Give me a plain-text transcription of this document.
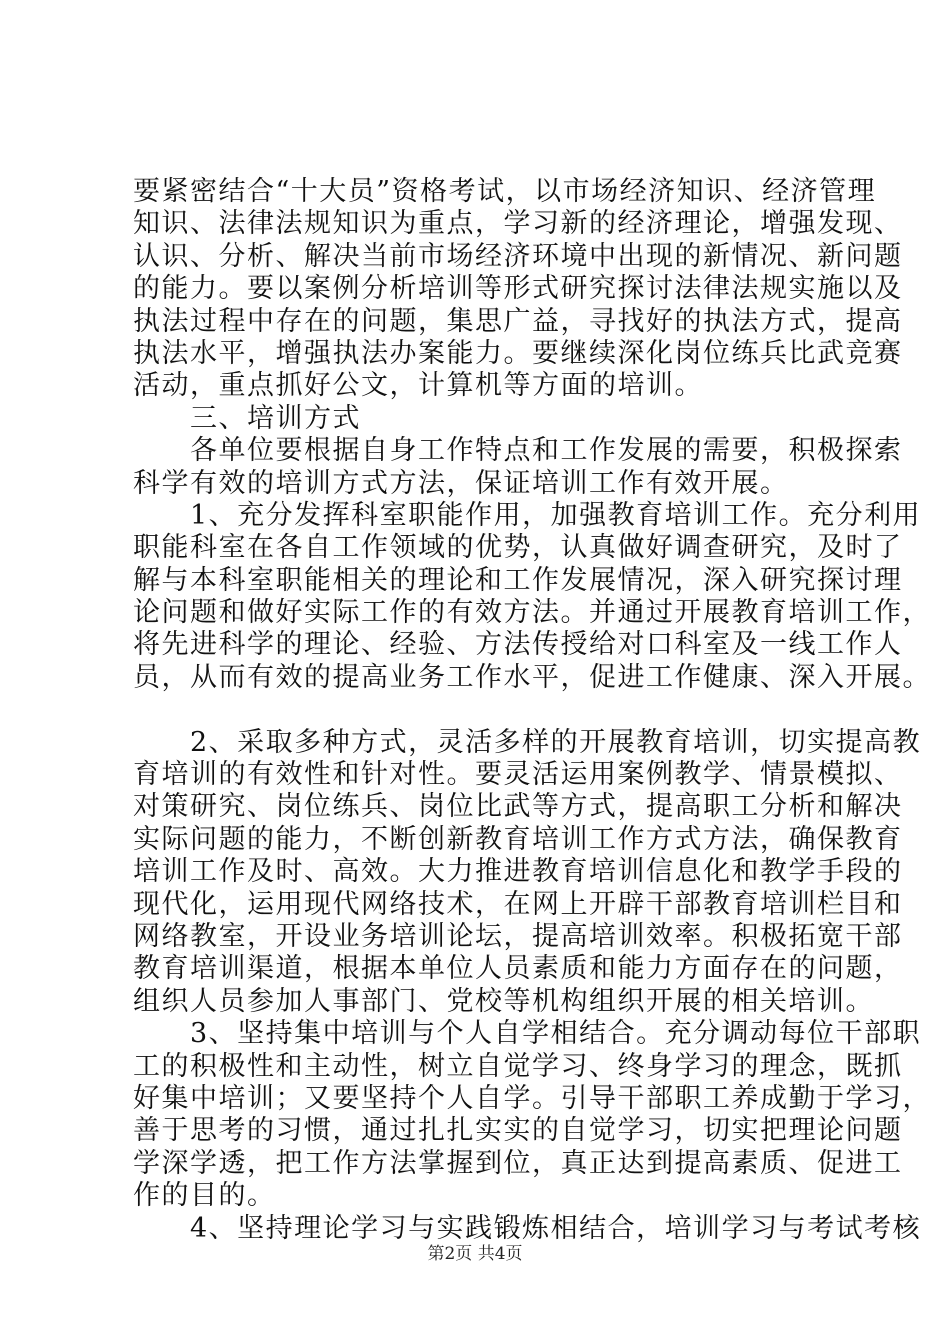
要紧密结合“十大员”资格考试，以市场经济知识、经济管理
知识、法律法规知识为重点，学习新的经济理论，增强发现、
认识、分析、解决当前市场经济环境中出现的新情况、新问题
的能力。要以案例分析培训等形式研究探讨法律法规实施以及
执法过程中存在的问题，集思广益，寻找好的执法方式，提高
执法水平，增强执法办案能力。要继续深化岗位练兵比武竞赛
活动，重点抓好公文，计算机等方面的培训。
　　三、培训方式
　　各单位要根据自身工作特点和工作发展的需要，积极探索
科学有效的培训方式方法，保证培训工作有效开展。
　　1、充分发挥科室职能作用，加强教育培训工作。充分利用
职能科室在各自工作领域的优势，认真做好调查研究，及时了
解与本科室职能相关的理论和工作发展情况，深入研究探讨理
论问题和做好实际工作的有效方法。并通过开展教育培训工作，
将先进科学的理论、经验、方法传授给对口科室及一线工作人
员，从而有效的提高业务工作水平，促进工作健康、深入开展。
　　2、采取多种方式，灵活多样的开展教育培训，切实提高教
育培训的有效性和针对性。要灵活运用案例教学、情景模拟、
对策研究、岗位练兵、岗位比武等方式，提高职工分析和解决
实际问题的能力，不断创新教育培训工作方式方法，确保教育
培训工作及时、高效。大力推进教育培训信息化和教学手段的
现代化，运用现代网络技术，在网上开辟干部教育培训栏目和
网络教室，开设业务培训论坛，提高培训效率。积极拓宽干部
教育培训渠道，根据本单位人员素质和能力方面存在的问题，
组织人员参加人事部门、党校等机构组织开展的相关培训。
　　3、坚持集中培训与个人自学相结合。充分调动每位干部职
工的积极性和主动性，树立自觉学习、终身学习的理念，既抓
好集中培训；又要坚持个人自学。引导干部职工养成勤于学习，
善于思考的习惯，通过扎扎实实的自觉学习，切实把理论问题
学深学透，把工作方法掌握到位，真正达到提高素质、促进工
作的目的。
　　4、坚持理论学习与实践锻炼相结合，培训学习与考试考核
第2页 共4页
